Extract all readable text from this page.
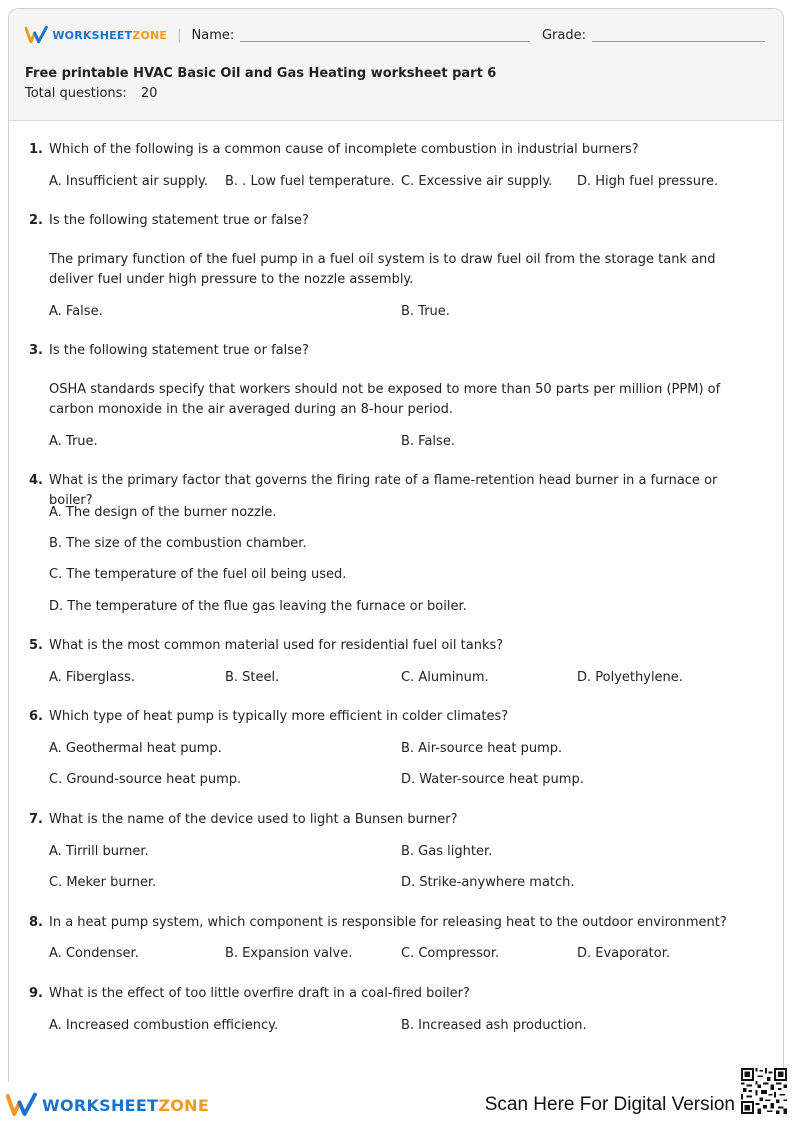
WORKSHEETZONE | Name:	Grade:
Free printable HVAC Basic Oil and Gas Heating worksheet part 6
Total questions: 20
1. Which of the following is a common cause of incomplete combustion in industrial burners?
A. Insufficient air supply. B. . Low fuel temperature. C. Excessive air supply. D. High fuel pressure.
2. Is the following statement true or false?
The primary function of the fuel pump in a fuel oil system is to draw fuel oil from the storage tank and deliver fuel under high pressure to the nozzle assembly.
A. False.	B. True.
3. Is the following statement true or false?
OSHA standards specify that workers should not be exposed to more than 50 parts per million (PPM) of carbon monoxide in the air averaged during an 8-hour period.
A. True.	B. False.
4. What is the primary factor that governs the firing rate of a flame-retention head burner in a furnace or boiler?
A. The design of the burner nozzle.
B. The size of the combustion chamber.
C. The temperature of the fuel oil being used.
D. The temperature of the flue gas leaving the furnace or boiler.
5. What is the most common material used for residential fuel oil tanks?
A. Fiberglass.	B. Steel.	C. Aluminum.	D. Polyethylene.
6. Which type of heat pump is typically more efficient in colder climates?
A. Geothermal heat pump.	B. Air-source heat pump.
C. Ground-source heat pump.	D. Water-source heat pump.
7. What is the name of the device used to light a Bunsen burner?
A. Tirrill burner.	B. Gas lighter.
C. Meker burner.	D. Strike-anywhere match.
8. In a heat pump system, which component is responsible for releasing heat to the outdoor environment?
A. Condenser.	B. Expansion valve.	C. Compressor.	D. Evaporator.
9. What is the effect of too little overfire draft in a coal-fired boiler?
A. Increased combustion efficiency.	B. Increased ash production.
WORKSHEETZONE	Scan Here For Digital Version
